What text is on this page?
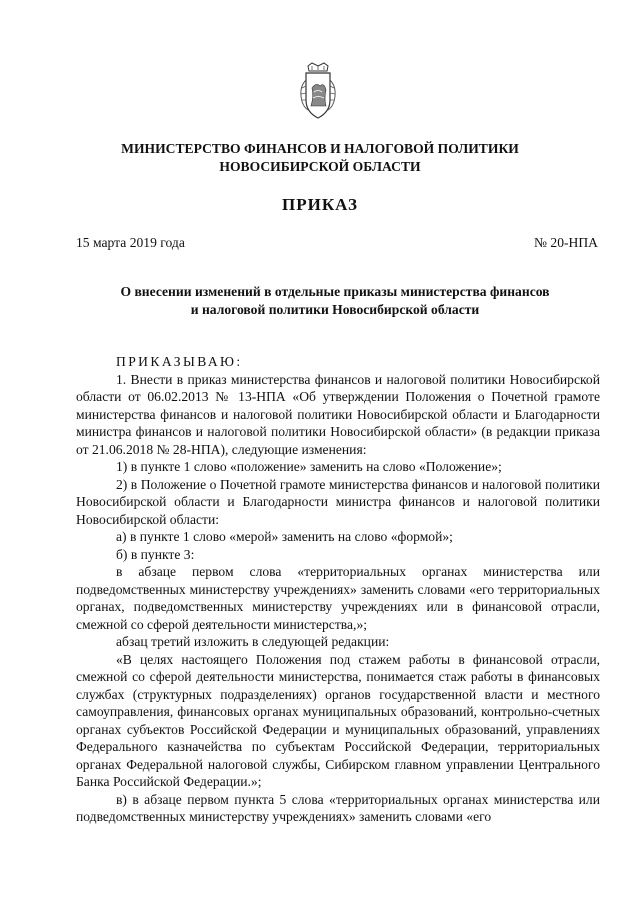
МИНИСТЕРСТВО ФИНАНСОВ И НАЛОГОВОЙ ПОЛИТИКИ
НОВОСИБИРСКОЙ ОБЛАСТИ
ПРИКАЗ
15 марта 2019 года	№ 20-НПА
О внесении изменений в отдельные приказы министерства финансов
и налоговой политики Новосибирской области

ПРИКАЗЫВАЮ:

1. Внести в приказ министерства финансов и налоговой политики Новосибирской области от 06.02.2013 № 13-НПА «Об утверждении Положения о Почетной грамоте министерства финансов и налоговой политики Новосибирской области и Благодарности министра финансов и налоговой политики Новосибирской области» (в редакции приказа от 21.06.2018 № 28-НПА), следующие изменения:

1) в пункте 1 слово «положение» заменить на слово «Положение»;

2) в Положение о Почетной грамоте министерства финансов и налоговой политики Новосибирской области и Благодарности министра финансов и налоговой политики Новосибирской области:

а) в пункте 1 слово «мерой» заменить на слово «формой»;

б) в пункте 3:

в абзаце первом слова «территориальных органах министерства или подведомственных министерству учреждениях» заменить словами «его территориальных органах, подведомственных министерству учреждениях или в финансовой отрасли, смежной со сферой деятельности министерства,»;

абзац третий изложить в следующей редакции:

«В целях настоящего Положения под стажем работы в финансовой отрасли, смежной со сферой деятельности министерства, понимается стаж работы в финансовых службах (структурных подразделениях) органов государственной власти и местного самоуправления, финансовых органах муниципальных образований, контрольно-счетных органах субъектов Российской Федерации и муниципальных образований, управлениях Федерального казначейства по субъектам Российской Федерации, территориальных органах Федеральной налоговой службы, Сибирском главном управлении Центрального Банка Российской Федерации.»;

в) в абзаце первом пункта 5 слова «территориальных органах министерства или подведомственных министерству учреждениях» заменить словами «его
